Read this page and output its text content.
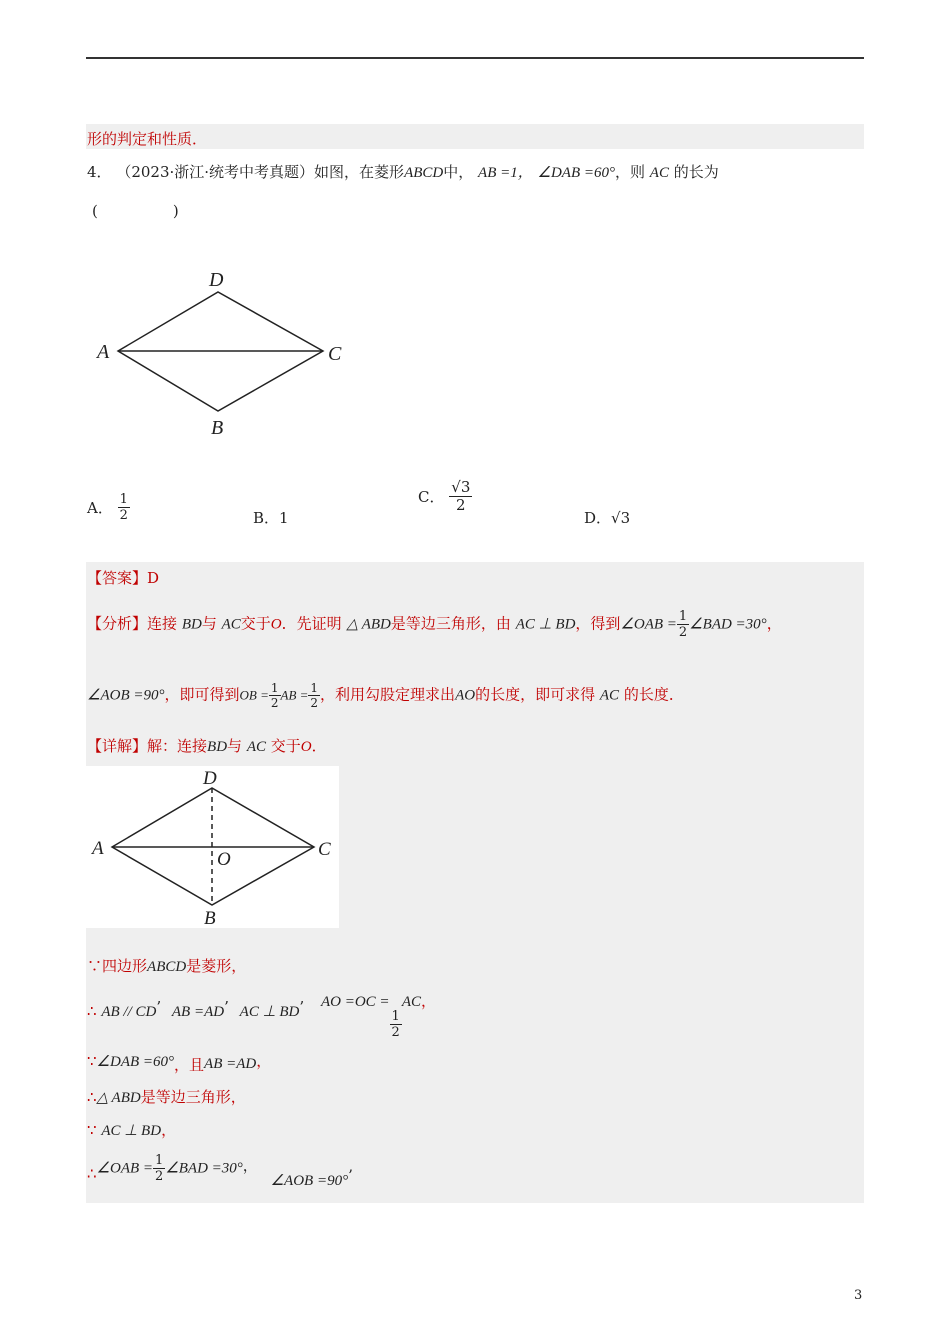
形的判定和性质．
4． （2023·浙江·统考中考真题）如图，在菱形ABCD中， AB =1， ∠DAB =60°，则 AC 的长为
(　　　　　)
D
A	C
B
A． $\frac{1}{2}$	B．1
C． $\frac{√3}{2}$
D．√3
【答案】D
【分析】连接 BD与 AC交于O．先证明 △ ABD是等边三角形，由 AC ⊥ BD，得到∠OAB = $\frac{1}{2}$ ∠BAD =30°，
∠AOB =90°，即可得到OB = $\frac{1}{2}$ AB = $\frac{1}{2}$ ，利用勾股定理求出AO的长度，即可求得 AC 的长度．
【详解】解：连接BD与 AC 交于O．
D
A	C
O
B
∵四边形ABCD是菱形，
∴ AB // CD’ AB =AD’ AC ⊥ BD’ AO =OC =
$\frac{1}{2}$
AC，
∵∠DAB =60°，且AB =AD，
∴△ ABD是等边三角形，
∵ AC ⊥ BD，
∴∠OAB = $\frac{1}{2}$ ∠BAD =30°， ∠AOB =90°’
3
